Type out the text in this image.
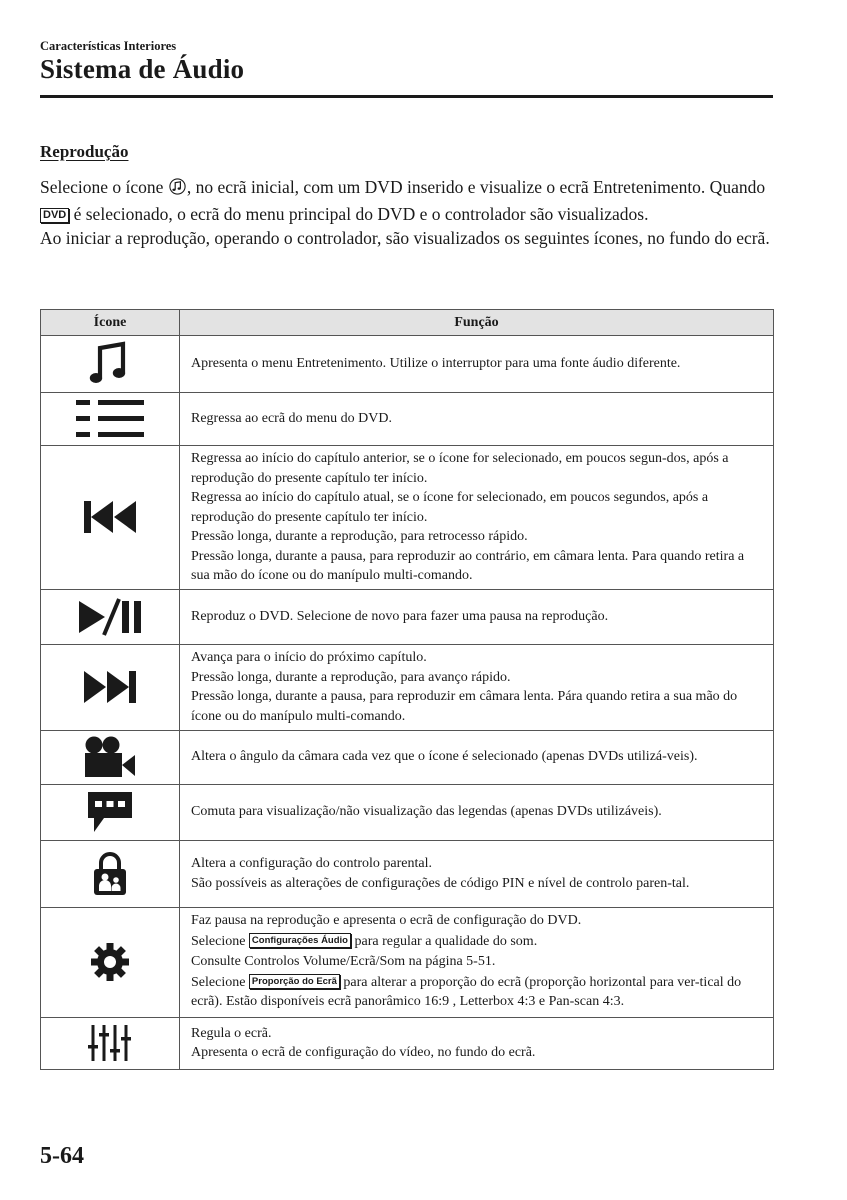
Características Interiores
Sistema de Áudio
Reprodução

Selecione o ícone , no ecrã inicial, com um DVD inserido e visualize o ecrã Entretenimento. Quando DVD é selecionado, o ecrã do menu principal do DVD e o controlador são visualizados.

Ao iniciar a reprodução, operando o controlador, são visualizados os seguintes ícones, no fundo do ecrã.

Ícone	Função

Apresenta o menu Entretenimento. Utilize o interruptor para uma fonte áudio diferente.

Regressa ao ecrã do menu do DVD.

Regressa ao início do capítulo anterior, se o ícone for selecionado, em poucos segun-dos, após a reprodução do presente capítulo ter início.
Regressa ao início do capítulo atual, se o ícone for selecionado, em poucos segundos, após a reprodução do presente capítulo ter início.
Pressão longa, durante a reprodução, para retrocesso rápido.
Pressão longa, durante a pausa, para reproduzir ao contrário, em câmara lenta. Para quando retira a sua mão do ícone ou do manípulo multi-comando.

Reproduz o DVD. Selecione de novo para fazer uma pausa na reprodução.

Avança para o início do próximo capítulo.
Pressão longa, durante a reprodução, para avanço rápido.
Pressão longa, durante a pausa, para reproduzir em câmara lenta. Pára quando retira a sua mão do ícone ou do manípulo multi-comando.

Altera o ângulo da câmara cada vez que o ícone é selecionado (apenas DVDs utilizá-veis).

Comuta para visualização/não visualização das legendas (apenas DVDs utilizáveis).

Altera a configuração do controlo parental.
São possíveis as alterações de configurações de código PIN e nível de controlo paren-tal.

Faz pausa na reprodução e apresenta o ecrã de configuração do DVD.
Selecione Configurações Áudio para regular a qualidade do som.
Consulte Controlos Volume/Ecrã/Som na página 5-51.
Selecione Proporção do Ecrã para alterar a proporção do ecrã (proporção horizontal para ver-tical do ecrã). Estão disponíveis ecrã panorâmico 16:9 , Letterbox 4:3 e Pan-scan 4:3.

Regula o ecrã.
Apresenta o ecrã de configuração do vídeo, no fundo do ecrã.
5-64
